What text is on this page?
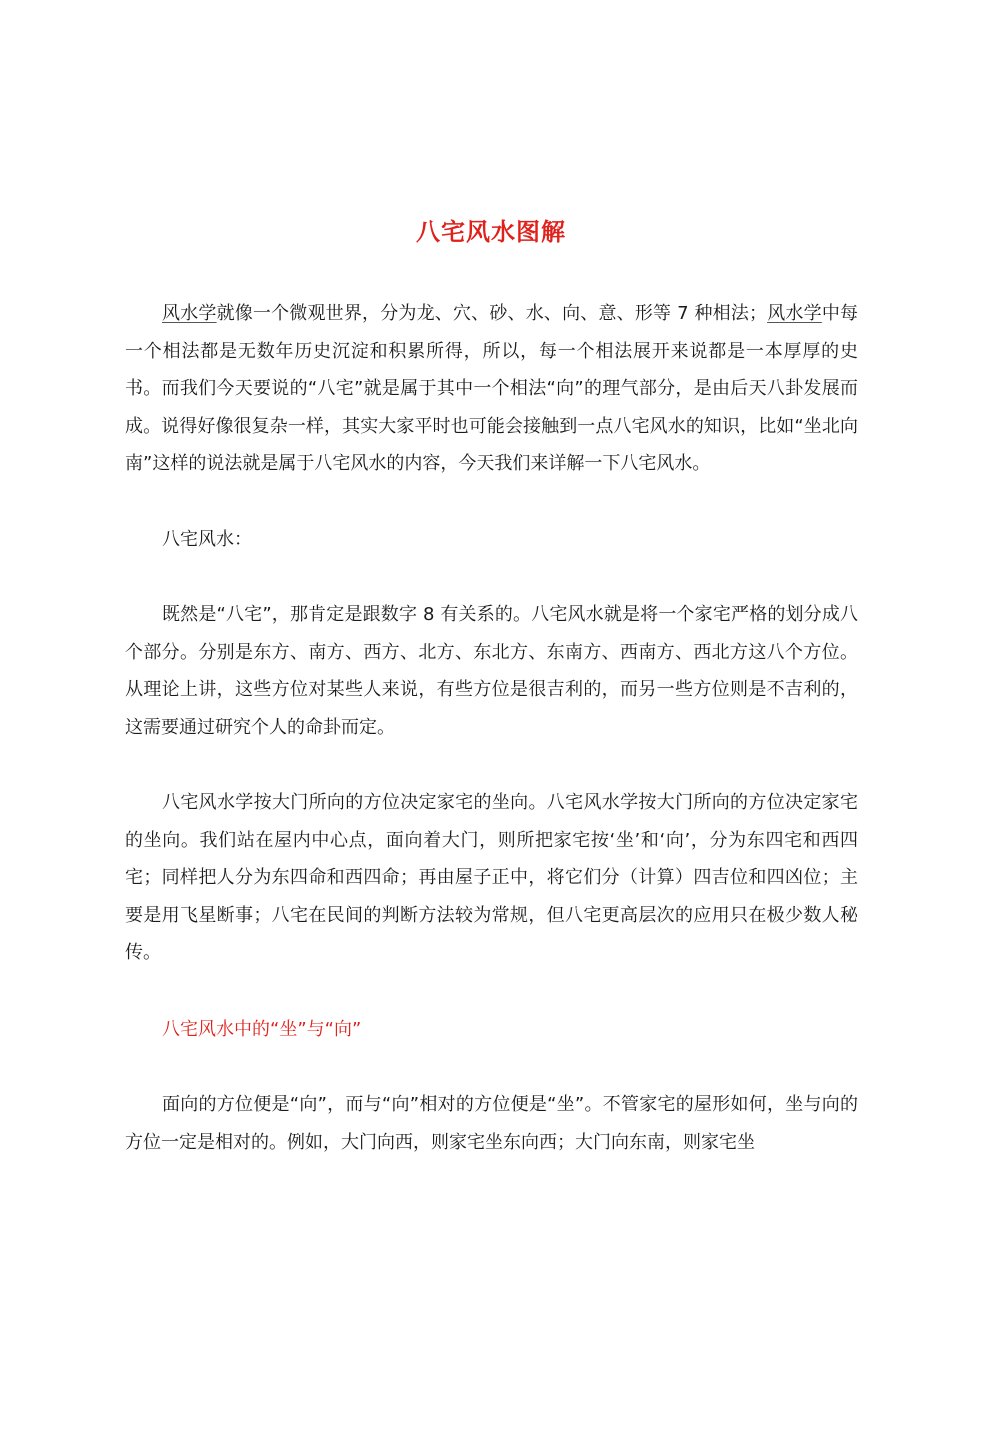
八宅风水图解

风水学就像一个微观世界，分为龙、穴、砂、水、向、意、形等 7 种相法；风水学中每一个相法都是无数年历史沉淀和积累所得，所以，每一个相法展开来说都是一本厚厚的史书。而我们今天要说的“八宅”就是属于其中一个相法“向”的理气部分，是由后天八卦发展而成。说得好像很复杂一样，其实大家平时也可能会接触到一点八宅风水的知识，比如“坐北向南”这样的说法就是属于八宅风水的内容，今天我们来详解一下八宅风水。

八宅风水：

既然是“八宅”，那肯定是跟数字 8 有关系的。八宅风水就是将一个家宅严格的划分成八个部分。分别是东方、南方、西方、北方、东北方、东南方、西南方、西北方这八个方位。从理论上讲，这些方位对某些人来说，有些方位是很吉利的，而另一些方位则是不吉利的，这需要通过研究个人的命卦而定。

八宅风水学按大门所向的方位决定家宅的坐向。八宅风水学按大门所向的方位决定家宅的坐向。我们站在屋内中心点，面向着大门，则所把家宅按‘坐’和‘向’，分为东四宅和西四宅；同样把人分为东四命和西四命；再由屋子正中，将它们分（计算）四吉位和四凶位；主要是用飞星断事；八宅在民间的判断方法较为常规，但八宅更高层次的应用只在极少数人秘传。

八宅风水中的“坐”与“向”

面向的方位便是“向”，而与“向”相对的方位便是“坐”。不管家宅的屋形如何，坐与向的方位一定是相对的。例如，大门向西，则家宅坐东向西；大门向东南，则家宅坐
